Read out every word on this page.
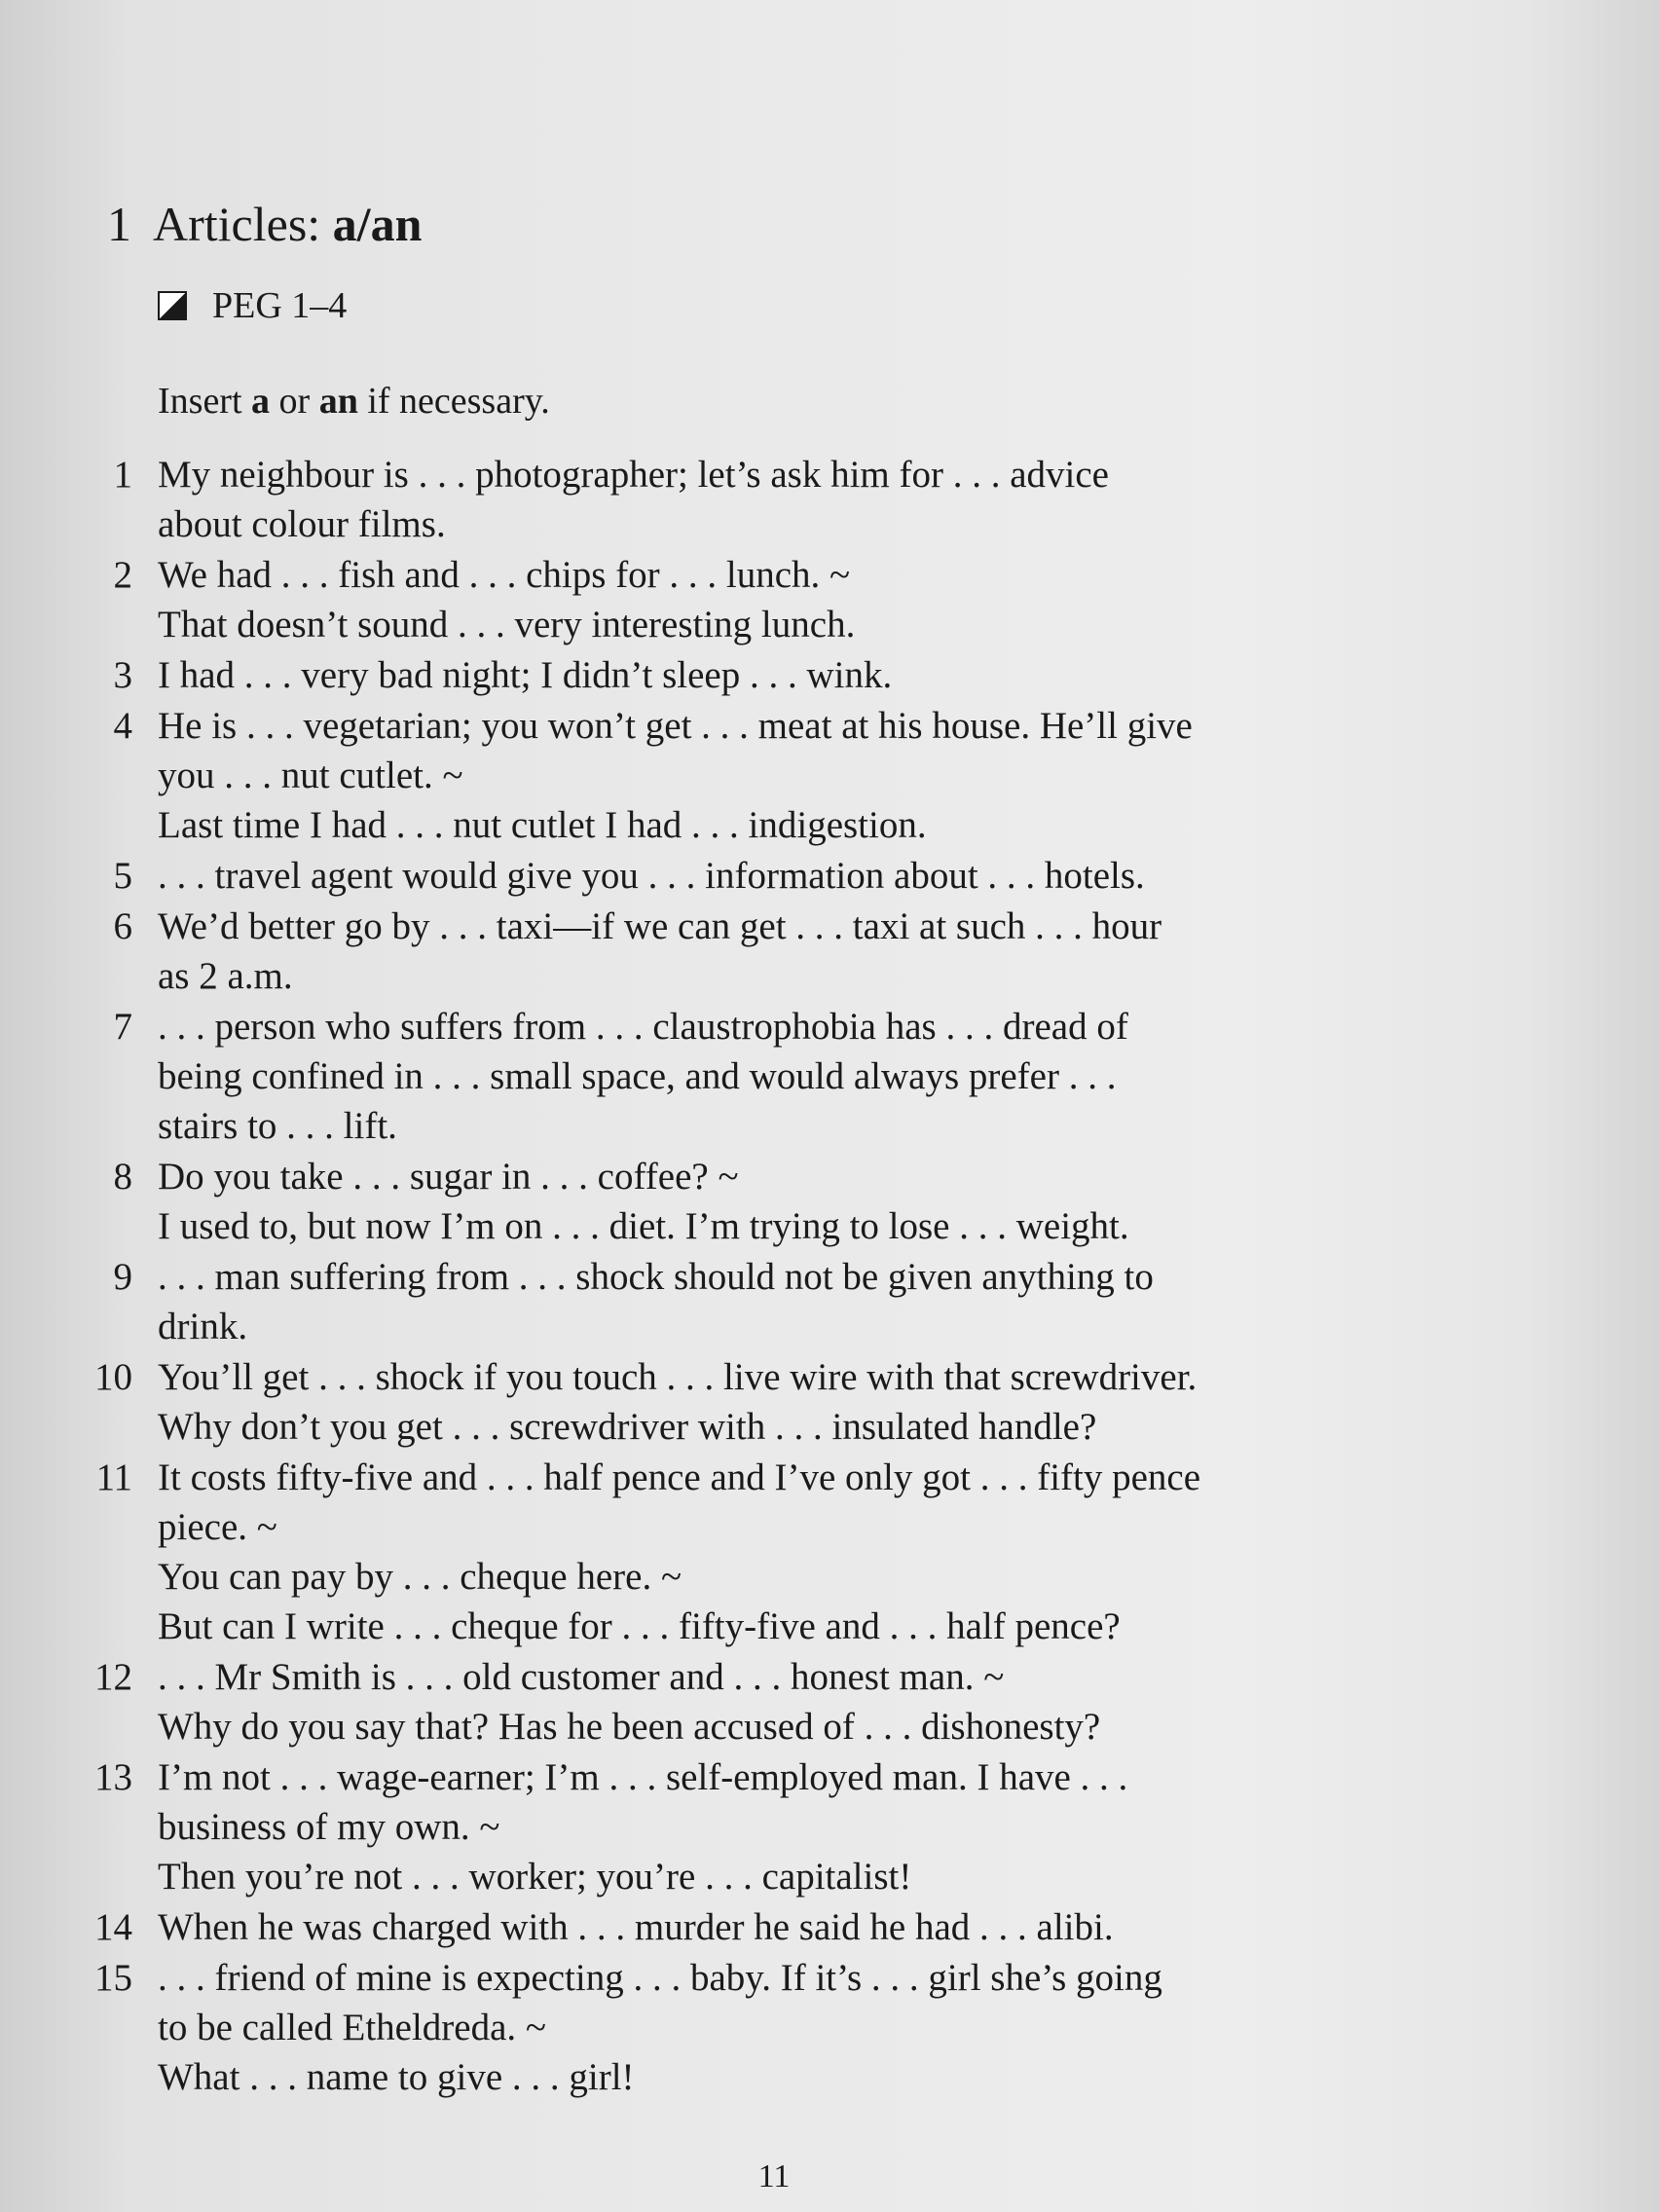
1 Articles: a/an
PEG 1–4
Insert a or an if necessary.
1 My neighbour is . . . photographer; let’s ask him for . . . advice
about colour films.
2 We had . . . fish and . . . chips for . . . lunch. ~
That doesn’t sound . . . very interesting lunch.
3 I had . . . very bad night; I didn’t sleep . . . wink.
4 He is . . . vegetarian; you won’t get . . . meat at his house. He’ll give
you . . . nut cutlet. ~
Last time I had . . . nut cutlet I had . . . indigestion.
5 . . . travel agent would give you . . . information about . . . hotels.
6 We’d better go by . . . taxi—if we can get . . . taxi at such . . . hour
as 2 a.m.
7 . . . person who suffers from . . . claustrophobia has . . . dread of
being confined in . . . small space, and would always prefer . . .
stairs to . . . lift.
8 Do you take . . . sugar in . . . coffee? ~
I used to, but now I’m on . . . diet. I’m trying to lose . . . weight.
9 . . . man suffering from . . . shock should not be given anything to
drink.
10 You’ll get . . . shock if you touch . . . live wire with that screwdriver.
Why don’t you get . . . screwdriver with . . . insulated handle?
11 It costs fifty-five and . . . half pence and I’ve only got . . . fifty pence
piece. ~
You can pay by . . . cheque here. ~
But can I write . . . cheque for . . . fifty-five and . . . half pence?
12 . . . Mr Smith is . . . old customer and . . . honest man. ~
Why do you say that? Has he been accused of . . . dishonesty?
13 I’m not . . . wage-earner; I’m . . . self-employed man. I have . . .
business of my own. ~
Then you’re not . . . worker; you’re . . . capitalist!
14 When he was charged with . . . murder he said he had . . . alibi.
15 . . . friend of mine is expecting . . . baby. If it’s . . . girl she’s going
to be called Etheldreda. ~
What . . . name to give . . . girl!
11
